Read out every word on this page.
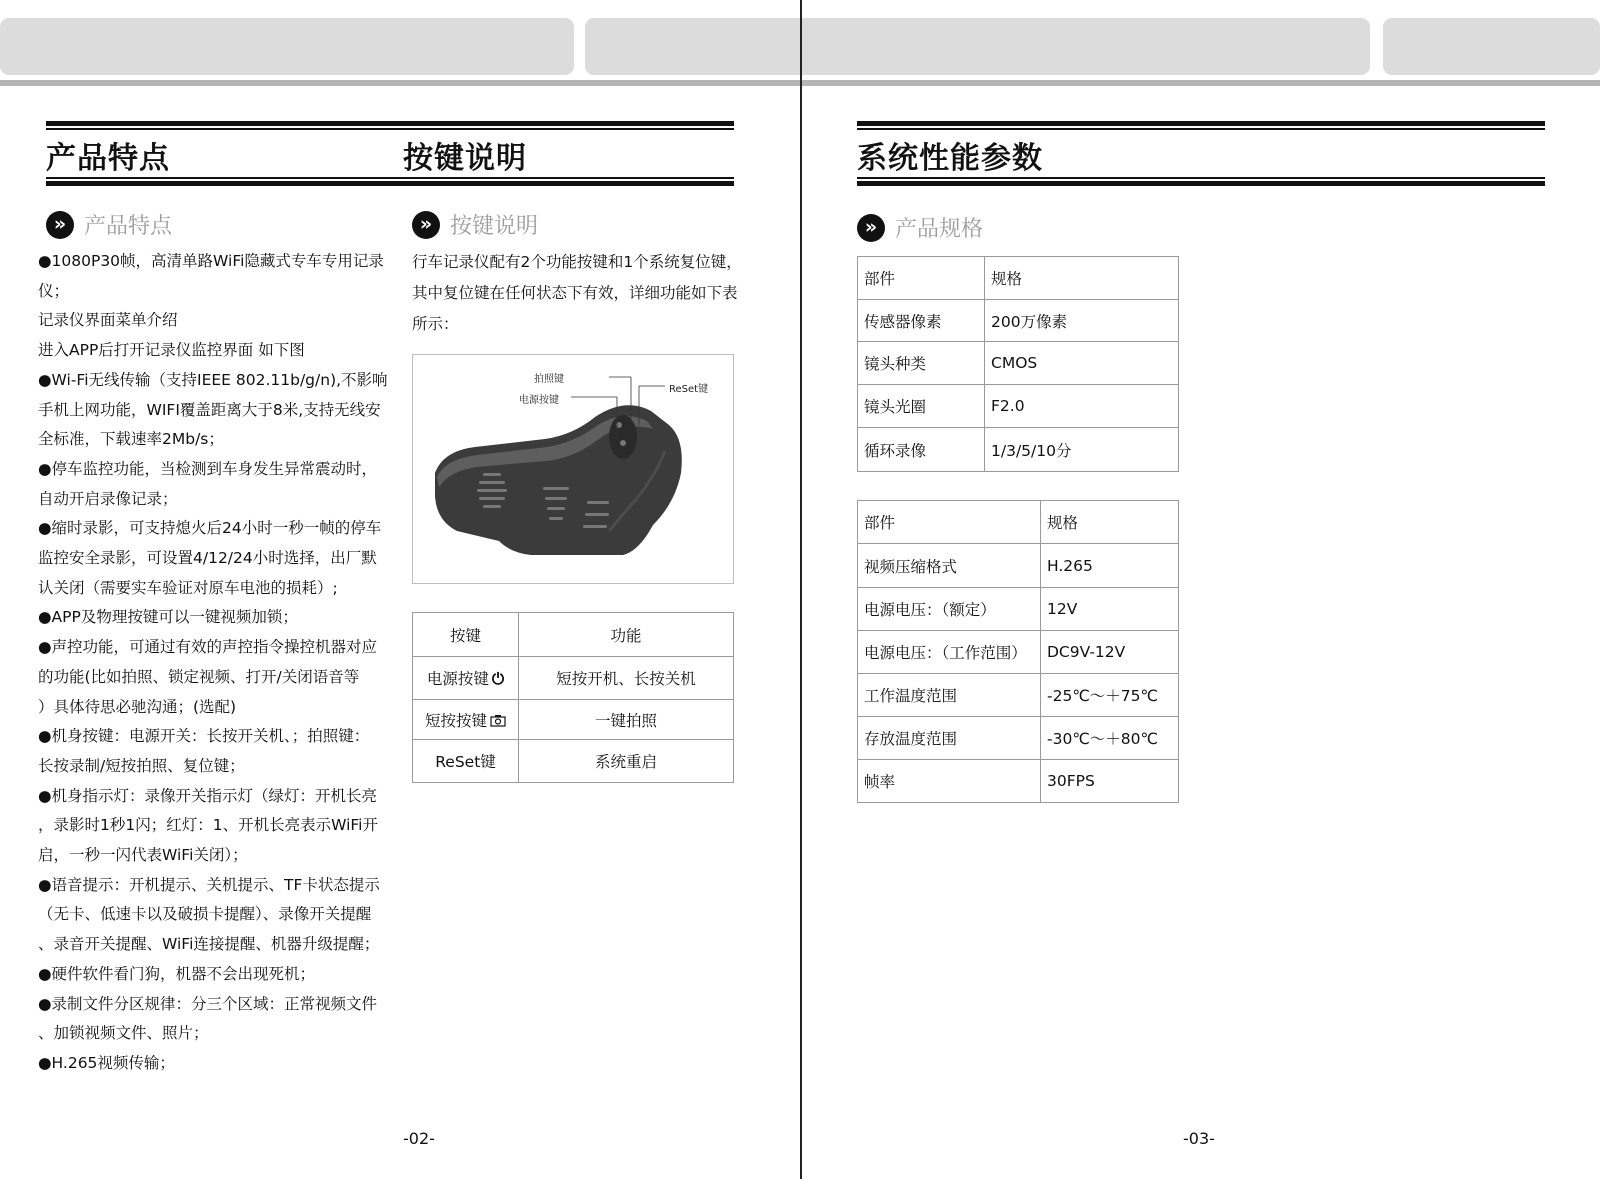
产品特点	按键说明
» 产品特点
●1080P30帧，高清单路WiFi隐藏式专车专用记录
仪；
记录仪界面菜单介绍
进入APP后打开记录仪监控界面 如下图
●Wi-Fi无线传输（支持IEEE 802.11b/g/n),不影响
手机上网功能，WIFI覆盖距离大于8米,支持无线安
全标准，下载速率2Mb/s；
●停车监控功能，当检测到车身发生异常震动时，
自动开启录像记录；
●缩时录影，可支持熄火后24小时一秒一帧的停车
监控安全录影，可设置4/12/24小时选择，出厂默
认关闭（需要实车验证对原车电池的损耗）;
●APP及物理按键可以一键视频加锁；
●声控功能，可通过有效的声控指令操控机器对应
的功能(比如拍照、锁定视频、打开/关闭语音等
）具体待思必驰沟通；(选配)
●机身按键：电源开关：长按开关机、；拍照键：
长按录制/短按拍照、复位键；
●机身指示灯：录像开关指示灯（绿灯：开机长亮
，录影时1秒1闪；红灯：1、开机长亮表示WiFi开
启，一秒一闪代表WiFi关闭）；
●语音提示：开机提示、关机提示、TF卡状态提示
（无卡、低速卡以及破损卡提醒）、录像开关提醒
、录音开关提醒、WiFi连接提醒、机器升级提醒；
●硬件软件看门狗，机器不会出现死机；
●录制文件分区规律：分三个区域：正常视频文件
、加锁视频文件、照片；
●H.265视频传输；
» 按键说明
行车记录仪配有2个功能按键和1个系统复位键，其中复位键在任何状态下有效，详细功能如下表所示：
拍照键
电源按键
ReSet键
按键	功能
电源按键 ⏻	短按开机、长按关机
短按按键	一键拍照
ReSet键	系统重启
-02-
系统性能参数
» 产品规格
部件	规格
传感器像素	200万像素
镜头种类	CMOS
镜头光圈	F2.0
循环录像	1/3/5/10分
部件	规格
视频压缩格式	H.265
电源电压：（额定）	12V
电源电压：（工作范围）	DC9V-12V
工作温度范围	-25℃～＋75℃
存放温度范围	-30℃～＋80℃
帧率	30FPS
-03-
